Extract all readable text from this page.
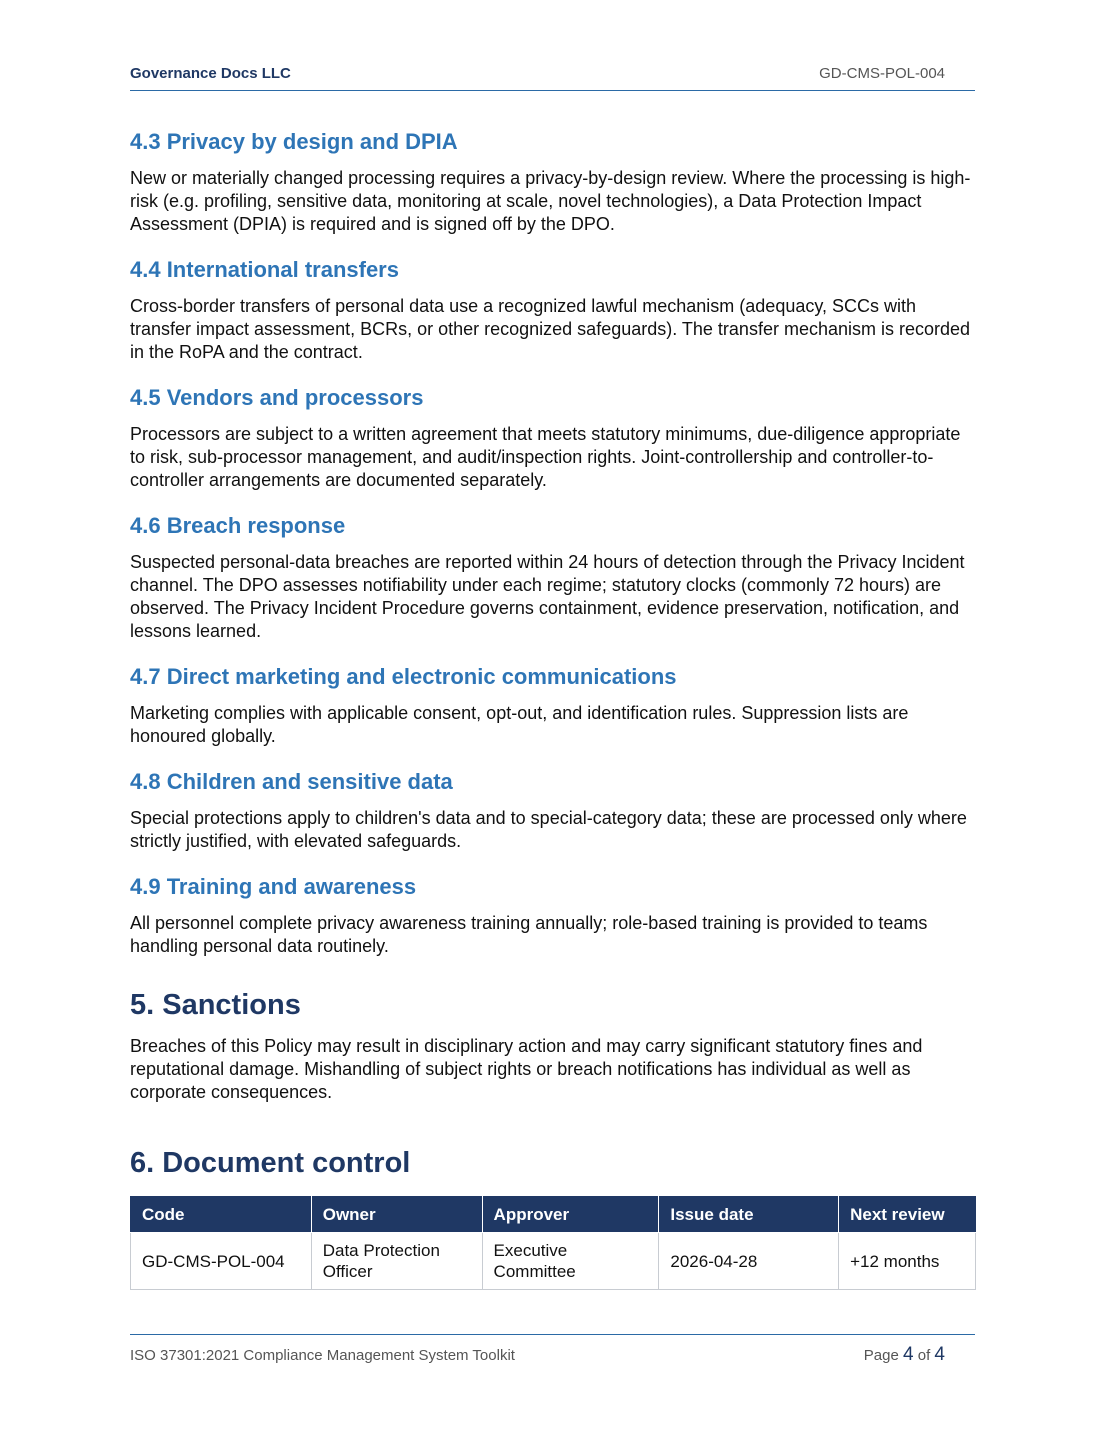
Governance Docs LLC	GD-CMS-POL-004
4.3 Privacy by design and DPIA

New or materially changed processing requires a privacy-by-design review. Where the processing is high-risk (e.g. profiling, sensitive data, monitoring at scale, novel technologies), a Data Protection Impact Assessment (DPIA) is required and is signed off by the DPO.

4.4 International transfers

Cross-border transfers of personal data use a recognized lawful mechanism (adequacy, SCCs with transfer impact assessment, BCRs, or other recognized safeguards). The transfer mechanism is recorded in the RoPA and the contract.

4.5 Vendors and processors

Processors are subject to a written agreement that meets statutory minimums, due-diligence appropriate to risk, sub-processor management, and audit/inspection rights. Joint-controllership and controller-to-controller arrangements are documented separately.

4.6 Breach response

Suspected personal-data breaches are reported within 24 hours of detection through the Privacy Incident channel. The DPO assesses notifiability under each regime; statutory clocks (commonly 72 hours) are observed. The Privacy Incident Procedure governs containment, evidence preservation, notification, and lessons learned.

4.7 Direct marketing and electronic communications

Marketing complies with applicable consent, opt-out, and identification rules. Suppression lists are honoured globally.

4.8 Children and sensitive data

Special protections apply to children's data and to special-category data; these are processed only where strictly justified, with elevated safeguards.

4.9 Training and awareness

All personnel complete privacy awareness training annually; role-based training is provided to teams handling personal data routinely.

5. Sanctions

Breaches of this Policy may result in disciplinary action and may carry significant statutory fines and reputational damage. Mishandling of subject rights or breach notifications has individual as well as corporate consequences.

6. Document control
Code	Owner	Approver	Issue date	Next review
GD-CMS-POL-004	Data Protection Officer	Executive Committee	2026-04-28	+12 months
ISO 37301:2021 Compliance Management System Toolkit	Page 4 of 4
